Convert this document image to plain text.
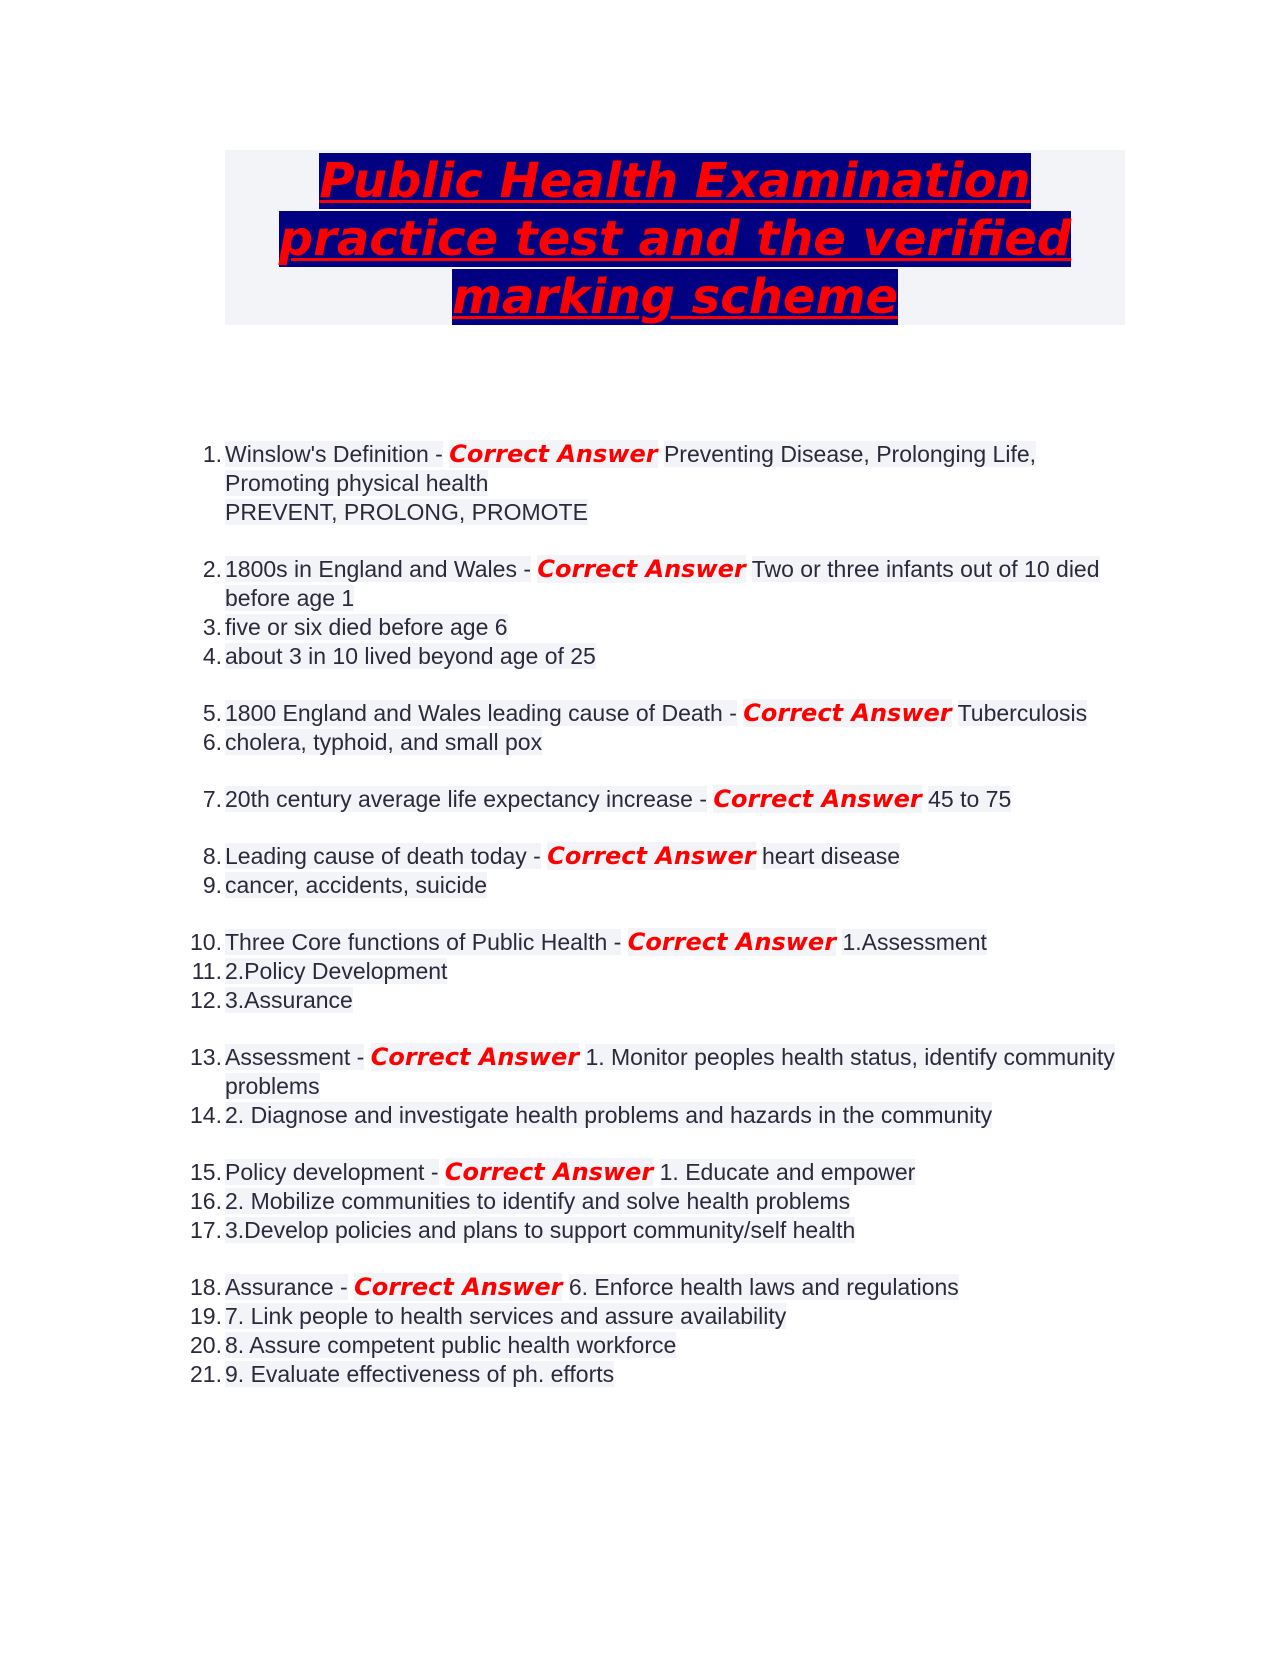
Public Health Examination practice test and the verified marking scheme
1. Winslow's Definition - Correct Answer Preventing Disease, Prolonging Life, Promoting physical health
PREVENT, PROLONG, PROMOTE
2. 1800s in England and Wales - Correct Answer Two or three infants out of 10 died before age 1
3. five or six died before age 6
4. about 3 in 10 lived beyond age of 25
5. 1800 England and Wales leading cause of Death - Correct Answer Tuberculosis
6. cholera, typhoid, and small pox
7. 20th century average life expectancy increase - Correct Answer 45 to 75
8. Leading cause of death today - Correct Answer heart disease
9. cancer, accidents, suicide
10. Three Core functions of Public Health - Correct Answer 1.Assessment
11. 2.Policy Development
12. 3.Assurance
13. Assessment - Correct Answer 1. Monitor peoples health status, identify community problems
14. 2. Diagnose and investigate health problems and hazards in the community
15. Policy development - Correct Answer 1. Educate and empower
16. 2. Mobilize communities to identify and solve health problems
17. 3.Develop policies and plans to support community/self health
18. Assurance - Correct Answer 6. Enforce health laws and regulations
19. 7. Link people to health services and assure availability
20. 8. Assure competent public health workforce
21. 9. Evaluate effectiveness of ph. efforts
